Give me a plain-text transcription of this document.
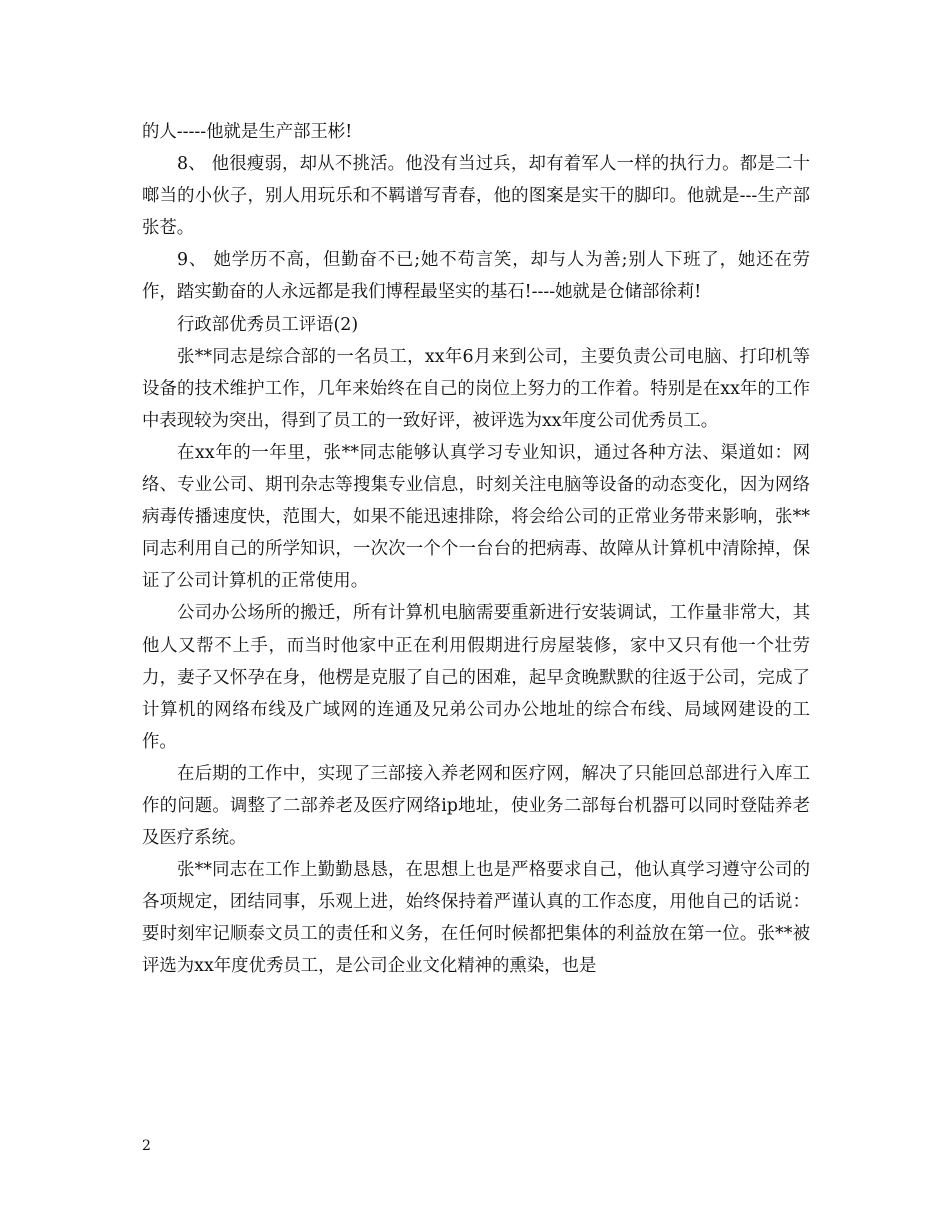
的人-----他就是生产部王彬!

8、 他很瘦弱，却从不挑活。他没有当过兵，却有着军人一样的执行力。都是二十啷当的小伙子，别人用玩乐和不羁谱写青春，他的图案是实干的脚印。他就是---生产部张苍。

9、 她学历不高，但勤奋不已;她不苟言笑，却与人为善;别人下班了，她还在劳作，踏实勤奋的人永远都是我们博程最坚实的基石!----她就是仓储部徐莉!

行政部优秀员工评语(2)

张**同志是综合部的一名员工，xx年6月来到公司，主要负责公司电脑、打印机等设备的技术维护工作，几年来始终在自己的岗位上努力的工作着。特别是在xx年的工作中表现较为突出，得到了员工的一致好评，被评选为xx年度公司优秀员工。

在xx年的一年里，张**同志能够认真学习专业知识，通过各种方法、渠道如：网络、专业公司、期刊杂志等搜集专业信息，时刻关注电脑等设备的动态变化，因为网络病毒传播速度快，范围大，如果不能迅速排除，将会给公司的正常业务带来影响，张**同志利用自己的所学知识，一次次一个个一台台的把病毒、故障从计算机中清除掉，保证了公司计算机的正常使用。

公司办公场所的搬迁，所有计算机电脑需要重新进行安装调试，工作量非常大，其他人又帮不上手，而当时他家中正在利用假期进行房屋装修，家中又只有他一个壮劳力，妻子又怀孕在身，他楞是克服了自己的困难，起早贪晚默默的往返于公司，完成了计算机的网络布线及广域网的连通及兄弟公司办公地址的综合布线、局域网建设的工作。

在后期的工作中，实现了三部接入养老网和医疗网，解决了只能回总部进行入库工作的问题。调整了二部养老及医疗网络ip地址，使业务二部每台机器可以同时登陆养老及医疗系统。

张**同志在工作上勤勤恳恳，在思想上也是严格要求自己，他认真学习遵守公司的各项规定，团结同事，乐观上进，始终保持着严谨认真的工作态度，用他自己的话说：要时刻牢记顺泰文员工的责任和义务，在任何时候都把集体的利益放在第一位。张**被评选为xx年度优秀员工，是公司企业文化精神的熏染，也是

2
